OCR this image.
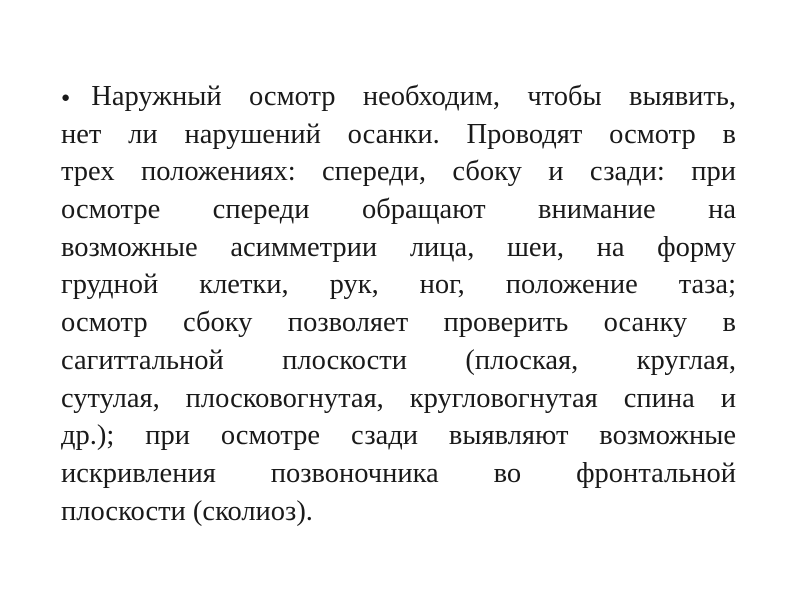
●Наружный осмотр необходим, чтобы выявить,
нет ли нарушений осанки. Проводят осмотр в
трех положениях: спереди, сбоку и сзади: при
осмотре спереди обращают внимание на
возможные асимметрии лица, шеи, на форму
грудной клетки, рук, ног, положение таза;
осмотр сбоку позволяет проверить осанку в
сагиттальной плоскости (плоская, круглая,
сутулая, плосковогнутая, кругловогнутая спина и
др.); при осмотре сзади выявляют возможные
искривления позвоночника во фронтальной
плоскости (сколиоз).
